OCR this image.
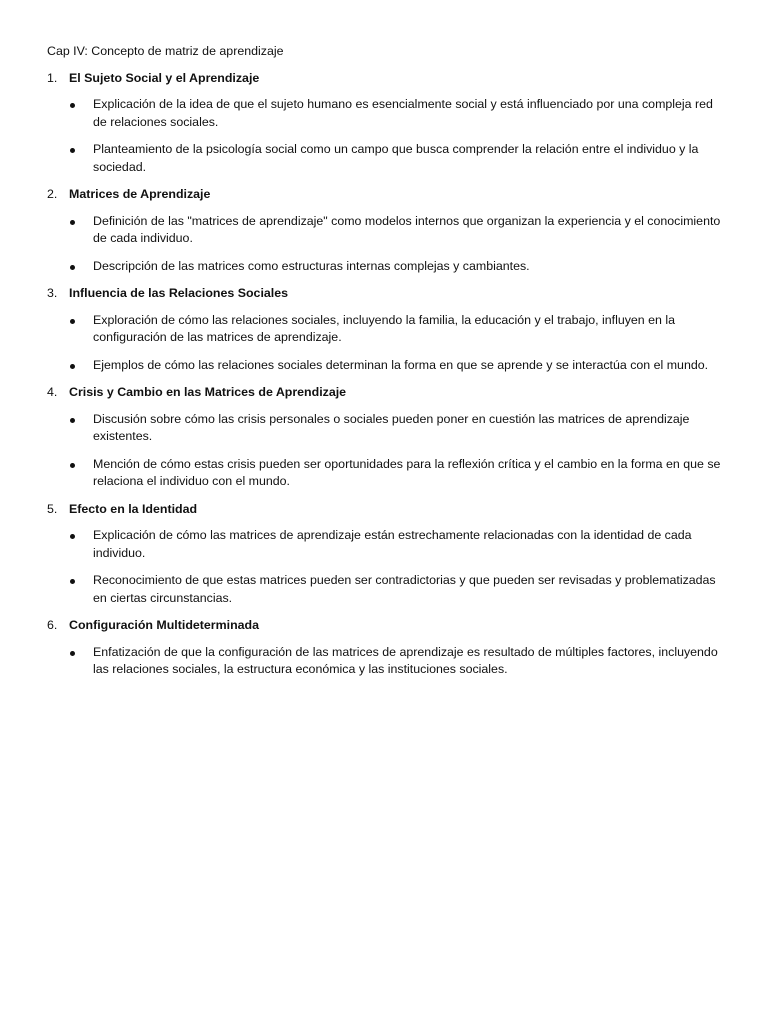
Cap IV: Concepto de matriz de aprendizaje

1. El Sujeto Social y el Aprendizaje
Explicación de la idea de que el sujeto humano es esencialmente social y está influenciado por una compleja red de relaciones sociales.
Planteamiento de la psicología social como un campo que busca comprender la relación entre el individuo y la sociedad.
2. Matrices de Aprendizaje
Definición de las "matrices de aprendizaje" como modelos internos que organizan la experiencia y el conocimiento de cada individuo.
Descripción de las matrices como estructuras internas complejas y cambiantes.
3. Influencia de las Relaciones Sociales
Exploración de cómo las relaciones sociales, incluyendo la familia, la educación y el trabajo, influyen en la configuración de las matrices de aprendizaje.
Ejemplos de cómo las relaciones sociales determinan la forma en que se aprende y se interactúa con el mundo.
4. Crisis y Cambio en las Matrices de Aprendizaje
Discusión sobre cómo las crisis personales o sociales pueden poner en cuestión las matrices de aprendizaje existentes.
Mención de cómo estas crisis pueden ser oportunidades para la reflexión crítica y el cambio en la forma en que se relaciona el individuo con el mundo.
5. Efecto en la Identidad
Explicación de cómo las matrices de aprendizaje están estrechamente relacionadas con la identidad de cada individuo.
Reconocimiento de que estas matrices pueden ser contradictorias y que pueden ser revisadas y problematizadas en ciertas circunstancias.
6. Configuración Multideterminada
Enfatización de que la configuración de las matrices de aprendizaje es resultado de múltiples factores, incluyendo las relaciones sociales, la estructura económica y las instituciones sociales.
